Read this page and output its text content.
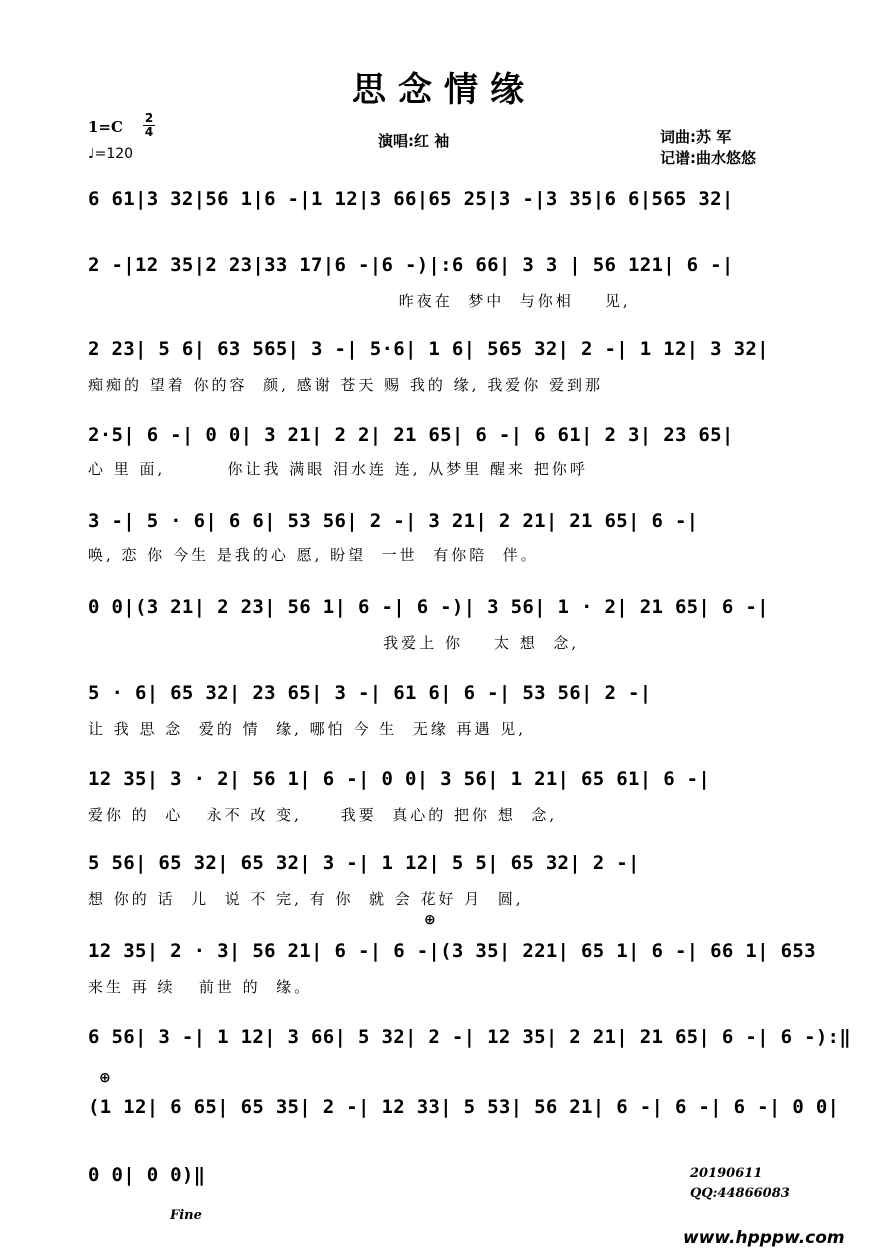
思念情缘
1=C 2
4
♩=120
演唱:红 袖	词曲:苏 军
记谱:曲水悠悠
6 61|3 32|56 1|6 -|1 12|3 66|65 25|3 -|3 35|6 6|565 32|
2 -|12 35|2 23|33 17|6 -|6 -)|:6 66| 3 3 | 56 121| 6 -|
昨夜在  梦中  与你相    见,
2 23| 5 6| 63 565| 3 -| 5·6| 1 6| 565 32| 2 -| 1 12| 3 32|
痴痴的 望着 你的容  颜, 感谢 苍天 赐 我的 缘, 我爱你 爱到那
2·5| 6 -| 0 0| 3 21| 2 2| 21 65| 6 -| 6 61| 2 3| 23 65|
心 里 面,        你让我 满眼 泪水连 连, 从梦里 醒来 把你呼
3 -| 5 · 6| 6 6| 53 56| 2 -| 3 21| 2 21| 21 65| 6 -|
唤, 恋 你 今生 是我的心 愿, 盼望  一世  有你陪  伴。
0 0|(3 21| 2 23| 56 1| 6 -| 6 -)| 3 56| 1 · 2| 21 65| 6 -|
我爱上 你    太 想  念,
5 · 6| 65 32| 23 65| 3 -| 61 6| 6 -| 53 56| 2 -|
让 我 思 念  爱的 情  缘, 哪怕 今 生  无缘 再遇 见,
12 35| 3 · 2| 56 1| 6 -| 0 0| 3 56| 1 21| 65 61| 6 -|
爱你 的  心   永不 改 变,     我要  真心的 把你 想  念,
5 56| 65 32| 65 32| 3 -| 1 12| 5 5| 65 32| 2 -|
想 你的 话  儿  说 不 完, 有 你  就 会 花好 月  圆,
⊕
12 35| 2 · 3| 56 21| 6 -| 6 -|(3 35| 221| 65 1| 6 -| 66 1| 653
来生 再 续   前世 的  缘。
6 56| 3 -| 1 12| 3 66| 5 32| 2 -| 12 35| 2 21| 21 65| 6 -| 6 -):‖
⊕
(1 12| 6 65| 65 35| 2 -| 12 33| 5 53| 56 21| 6 -| 6 -| 6 -| 0 0|
0 0| 0 0)‖	20190611
QQ:44866083
Fine
www.hpppw.com
